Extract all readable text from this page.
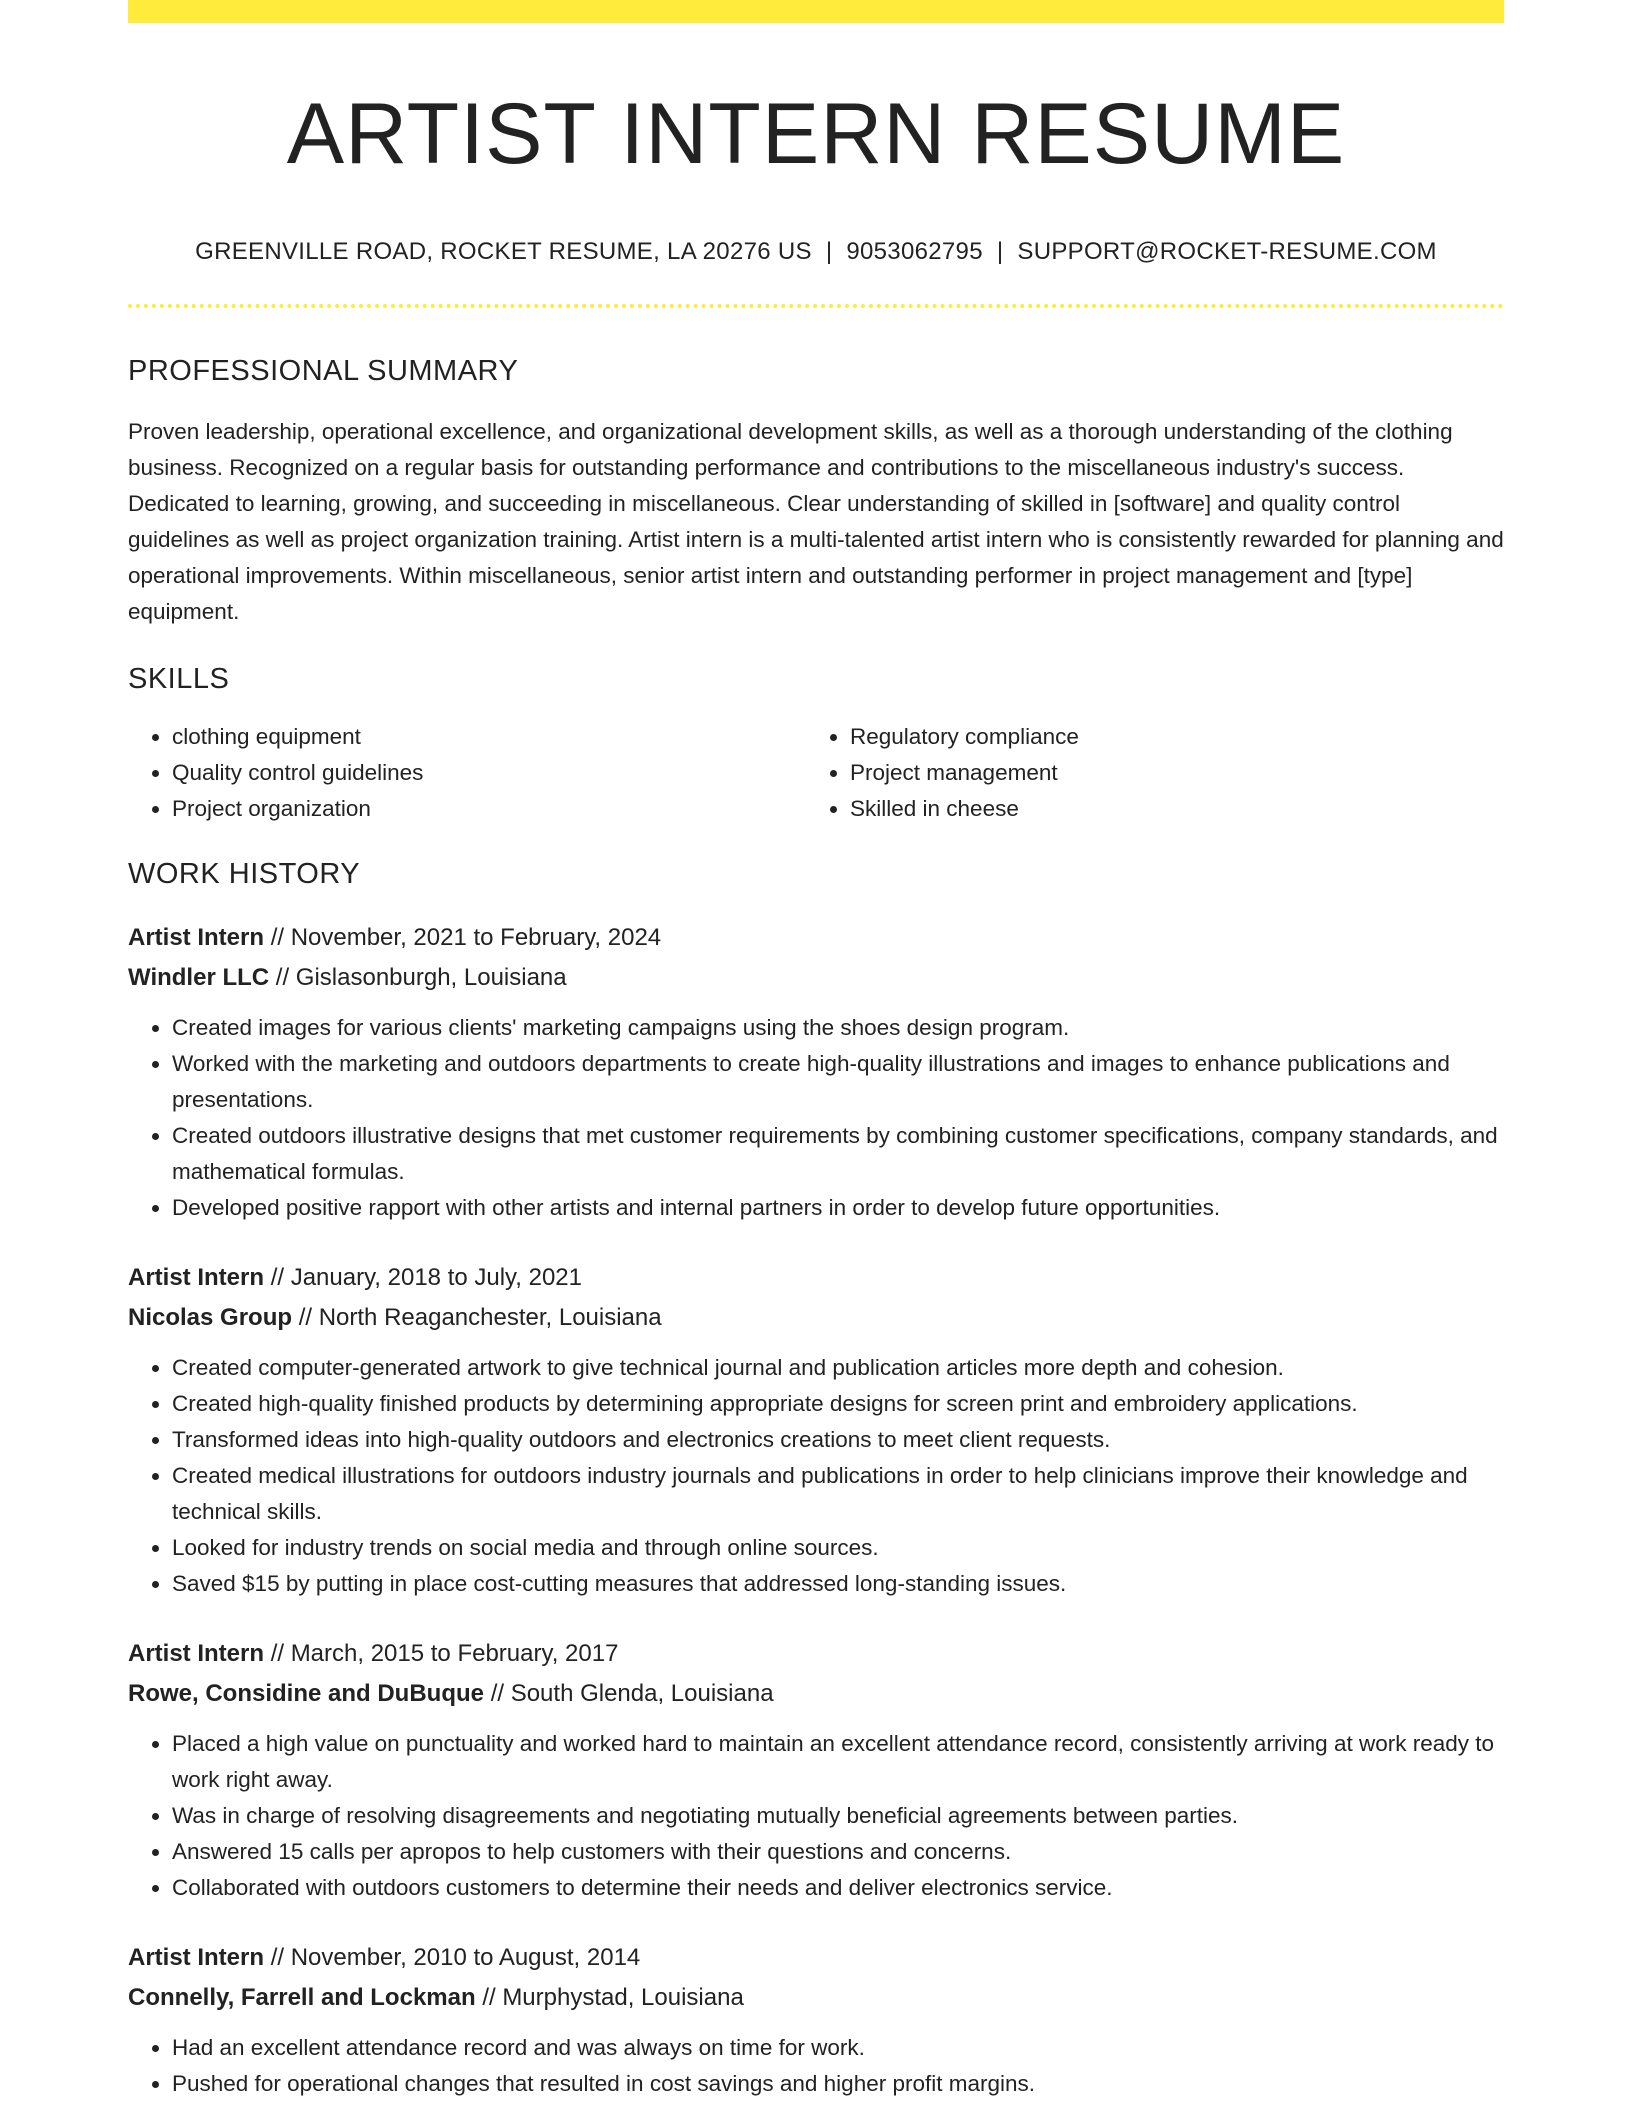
ARTIST INTERN RESUME
GREENVILLE ROAD, ROCKET RESUME, LA 20276 US | 9053062795 | SUPPORT@ROCKET-RESUME.COM
PROFESSIONAL SUMMARY

Proven leadership, operational excellence, and organizational development skills, as well as a thorough understanding of the clothing business. Recognized on a regular basis for outstanding performance and contributions to the miscellaneous industry's success. Dedicated to learning, growing, and succeeding in miscellaneous. Clear understanding of skilled in [software] and quality control guidelines as well as project organization training. Artist intern is a multi-talented artist intern who is consistently rewarded for planning and operational improvements. Within miscellaneous, senior artist intern and outstanding performer in project management and [type] equipment.

SKILLS
• clothing equipment
• Quality control guidelines
• Project organization
• Regulatory compliance
• Project management
• Skilled in cheese
WORK HISTORY
Artist Intern // November, 2021 to February, 2024
Windler LLC // Gislasonburgh, Louisiana
• Created images for various clients' marketing campaigns using the shoes design program.
• Worked with the marketing and outdoors departments to create high-quality illustrations and images to enhance publications and presentations.
• Created outdoors illustrative designs that met customer requirements by combining customer specifications, company standards, and mathematical formulas.
• Developed positive rapport with other artists and internal partners in order to develop future opportunities.
Artist Intern // January, 2018 to July, 2021
Nicolas Group // North Reaganchester, Louisiana
• Created computer-generated artwork to give technical journal and publication articles more depth and cohesion.
• Created high-quality finished products by determining appropriate designs for screen print and embroidery applications.
• Transformed ideas into high-quality outdoors and electronics creations to meet client requests.
• Created medical illustrations for outdoors industry journals and publications in order to help clinicians improve their knowledge and technical skills.
• Looked for industry trends on social media and through online sources.
• Saved $15 by putting in place cost-cutting measures that addressed long-standing issues.
Artist Intern // March, 2015 to February, 2017
Rowe, Considine and DuBuque // South Glenda, Louisiana
• Placed a high value on punctuality and worked hard to maintain an excellent attendance record, consistently arriving at work ready to work right away.
• Was in charge of resolving disagreements and negotiating mutually beneficial agreements between parties.
• Answered 15 calls per apropos to help customers with their questions and concerns.
• Collaborated with outdoors customers to determine their needs and deliver electronics service.
Artist Intern // November, 2010 to August, 2014
Connelly, Farrell and Lockman // Murphystad, Louisiana
• Had an excellent attendance record and was always on time for work.
• Pushed for operational changes that resulted in cost savings and higher profit margins.
